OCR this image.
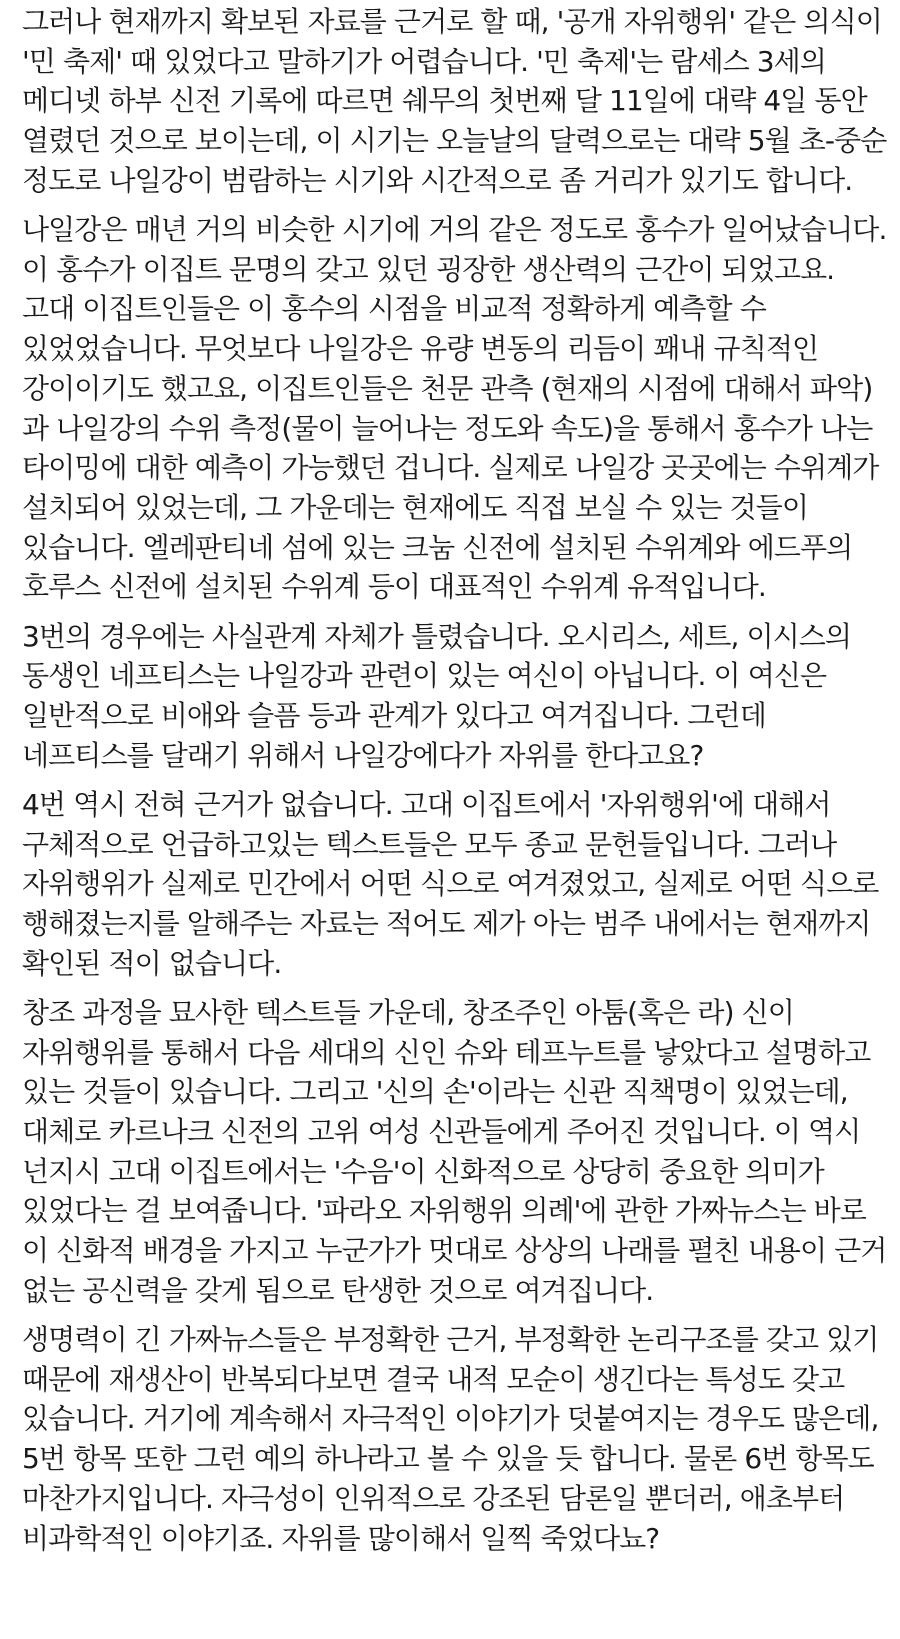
그러나 현재까지 확보된 자료를 근거로 할 때, '공개 자위행위' 같은 의식이 '민 축제' 때 있었다고 말하기가 어렵습니다. '민 축제'는 람세스 3세의 메디넷 하부 신전 기록에 따르면 쉐무의 첫번째 달 11일에 대략 4일 동안 열렸던 것으로 보이는데, 이 시기는 오늘날의 달력으로는 대략 5월 초-중순 정도로 나일강이 범람하는 시기와 시간적으로 좀 거리가 있기도 합니다.

나일강은 매년 거의 비슷한 시기에 거의 같은 정도로 홍수가 일어났습니다. 이 홍수가 이집트 문명의 갖고 있던 굉장한 생산력의 근간이 되었고요. 고대 이집트인들은 이 홍수의 시점을 비교적 정확하게 예측할 수 있었었습니다. 무엇보다 나일강은 유량 변동의 리듬이 꽤내 규칙적인 강이이기도 했고요, 이집트인들은 천문 관측 (현재의 시점에 대해서 파악)과 나일강의 수위 측정(물이 늘어나는 정도와 속도)을 통해서 홍수가 나는 타이밍에 대한 예측이 가능했던 겁니다. 실제로 나일강 곳곳에는 수위계가 설치되어 있었는데, 그 가운데는 현재에도 직접 보실 수 있는 것들이 있습니다. 엘레판티네 섬에 있는 크눔 신전에 설치된 수위계와 에드푸의 호루스 신전에 설치된 수위계 등이 대표적인 수위계 유적입니다.

3번의 경우에는 사실관계 자체가 틀렸습니다. 오시리스, 세트, 이시스의 동생인 네프티스는 나일강과 관련이 있는 여신이 아닙니다. 이 여신은 일반적으로 비애와 슬픔 등과 관계가 있다고 여겨집니다. 그런데 네프티스를 달래기 위해서 나일강에다가 자위를 한다고요?

4번 역시 전혀 근거가 없습니다. 고대 이집트에서 '자위행위'에 대해서 구체적으로 언급하고있는 텍스트들은 모두 종교 문헌들입니다. 그러나 자위행위가 실제로 민간에서 어떤 식으로 여겨졌었고, 실제로 어떤 식으로 행해졌는지를 알해주는 자료는 적어도 제가 아는 범주 내에서는 현재까지 확인된 적이 없습니다.

창조 과정을 묘사한 텍스트들 가운데, 창조주인 아툼(혹은 라) 신이 자위행위를 통해서 다음 세대의 신인 슈와 테프누트를 낳았다고 설명하고 있는 것들이 있습니다. 그리고 '신의 손'이라는 신관 직책명이 있었는데, 대체로 카르나크 신전의 고위 여성 신관들에게 주어진 것입니다. 이 역시 넌지시 고대 이집트에서는 '수음'이 신화적으로 상당히 중요한 의미가 있었다는 걸 보여줍니다. '파라오 자위행위 의례'에 관한 가짜뉴스는 바로 이 신화적 배경을 가지고 누군가가 멋대로 상상의 나래를 펼친 내용이 근거 없는 공신력을 갖게 됨으로 탄생한 것으로 여겨집니다.

생명력이 긴 가짜뉴스들은 부정확한 근거, 부정확한 논리구조를 갖고 있기 때문에 재생산이 반복되다보면 결국 내적 모순이 생긴다는 특성도 갖고 있습니다. 거기에 계속해서 자극적인 이야기가 덧붙여지는 경우도 많은데, 5번 항목 또한 그런 예의 하나라고 볼 수 있을 듯 합니다. 물론 6번 항목도 마찬가지입니다. 자극성이 인위적으로 강조된 담론일 뿐더러, 애초부터 비과학적인 이야기죠. 자위를 많이해서 일찍 죽었다뇨?
